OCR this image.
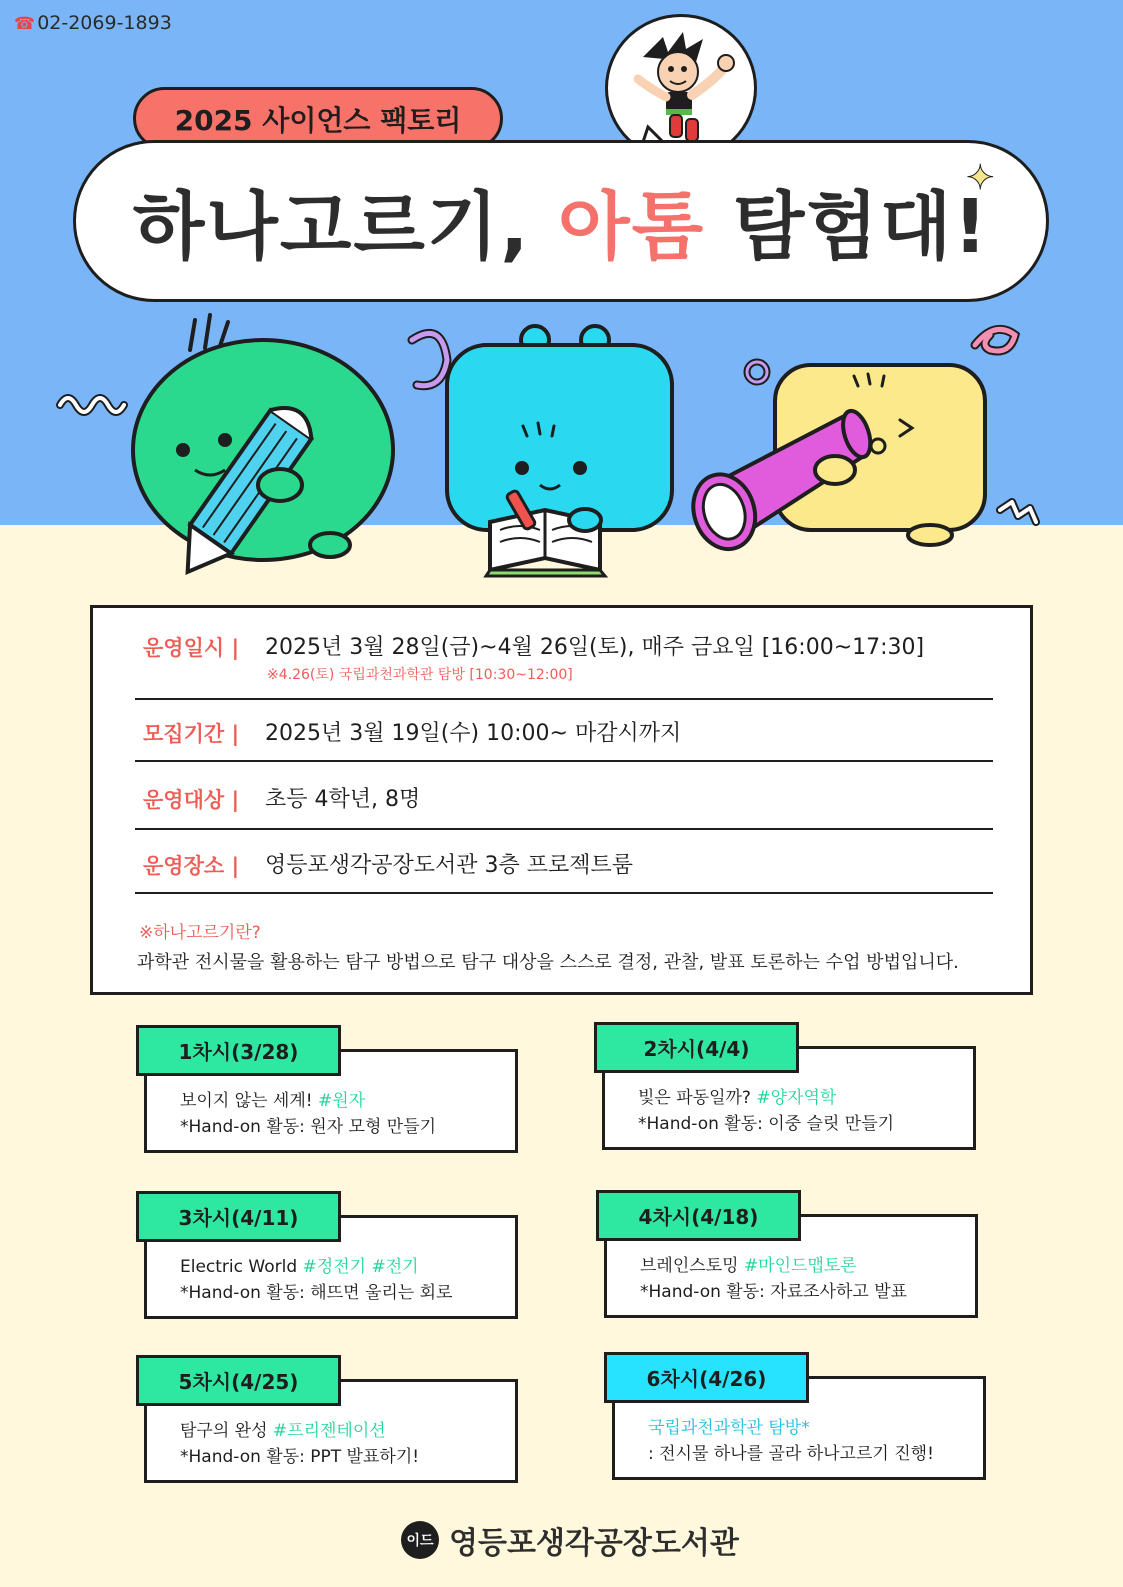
☎ 02-2069-1893
2025 사이언스 팩토리
하나고르기, 아톰 탐험대!
✦
운영일시 | 2025년 3월 28일(금)~4월 26일(토), 매주 금요일 [16:00~17:30]
※4.26(토) 국립과천과학관 탐방 [10:30~12:00]
모집기간 | 2025년 3월 19일(수) 10:00~ 마감시까지
운영대상 | 초등 4학년, 8명
운영장소 | 영등포생각공장도서관 3층 프로젝트룸
※하나고르기란?
과학관 전시물을 활용하는 탐구 방법으로 탐구 대상을 스스로 결정, 관찰, 발표 토론하는 수업 방법입니다.
보이지 않는 세계! #원자
*Hand-on 활동: 원자 모형 만들기
1차시(3/28)
빛은 파동일까? #양자역학
*Hand-on 활동: 이중 슬릿 만들기
2차시(4/4)
Electric World #정전기 #전기
*Hand-on 활동: 해뜨면 울리는 회로
3차시(4/11)
브레인스토밍 #마인드맵토론
*Hand-on 활동: 자료조사하고 발표
4차시(4/18)
탐구의 완성 #프리젠테이션
*Hand-on 활동: PPT 발표하기!
5차시(4/25)
국립과천과학관 탐방*
: 전시물 하나를 골라 하나고르기 진행!
6차시(4/26)
이드 영등포생각공장도서관
